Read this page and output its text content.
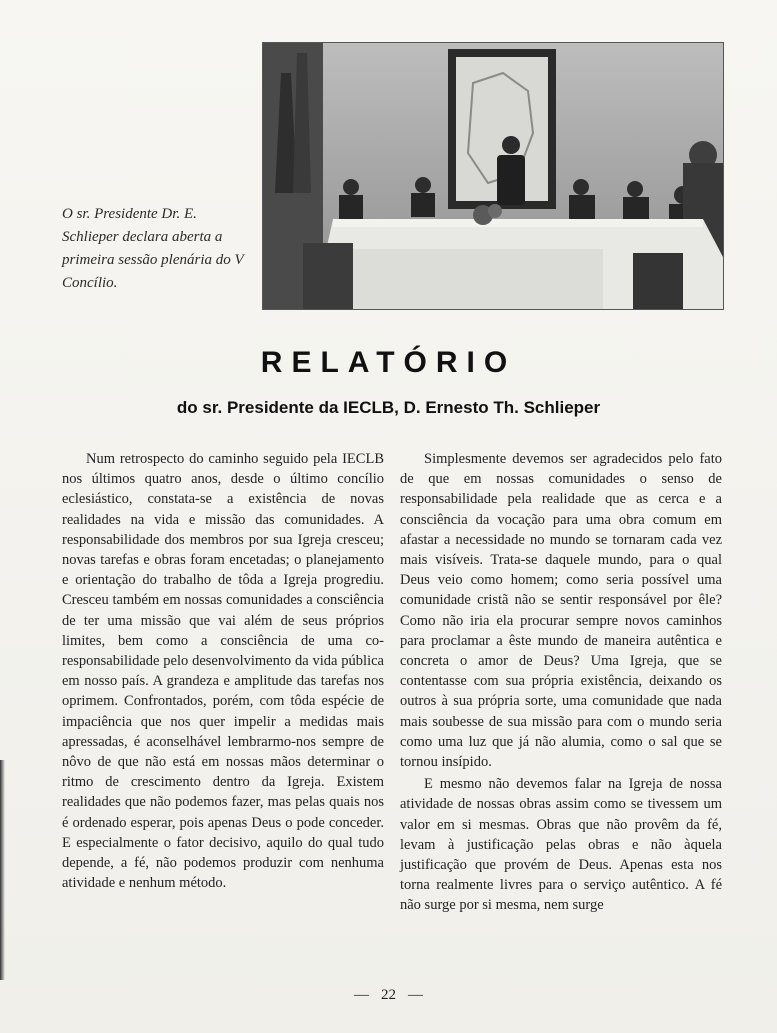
O sr. Presidente Dr. E. Schlieper declara aberta a primeira sessão plenária do V Concílio.
RELATÓRIO
do sr. Presidente da IECLB, D. Ernesto Th. Schlieper

Num retrospecto do caminho seguido pela IECLB nos últimos quatro anos, desde o último concílio eclesiástico, constata-se a existência de novas realidades na vida e missão das comunidades. A responsabilidade dos membros por sua Igreja cresceu; novas tarefas e obras foram encetadas; o planejamento e orientação do trabalho de tôda a Igreja progrediu. Cresceu também em nossas comunidades a consciência de ter uma missão que vai além de seus próprios limites, bem como a consciência de uma co-responsabilidade pelo desenvolvimento da vida pública em nosso país. A grandeza e amplitude das tarefas nos oprimem. Confrontados, porém, com tôda espécie de impaciência que nos quer impelir a medidas mais apressadas, é aconselhável lembrarmo-nos sempre de nôvo de que não está em nossas mãos determinar o ritmo de crescimento dentro da Igreja. Existem realidades que não podemos fazer, mas pelas quais nos é ordenado esperar, pois apenas Deus o pode conceder. E especialmente o fator decisivo, aquilo do qual tudo depende, a fé, não podemos produzir com nenhuma atividade e nenhum método.

Simplesmente devemos ser agradecidos pelo fato de que em nossas comunidades o senso de responsabilidade pela realidade que as cerca e a consciência da vocação para uma obra comum em afastar a necessidade no mundo se tornaram cada vez mais visíveis. Trata-se daquele mundo, para o qual Deus veio como homem; como seria possível uma comunidade cristã não se sentir responsável por êle? Como não iria ela procurar sempre novos caminhos para proclamar a êste mundo de maneira autêntica e concreta o amor de Deus? Uma Igreja, que se contentasse com sua própria existência, deixando os outros à sua própria sorte, uma comunidade que nada mais soubesse de sua missão para com o mundo seria como uma luz que já não alumia, como o sal que se tornou insípido.

E mesmo não devemos falar na Igreja de nossa atividade de nossas obras assim como se tivessem um valor em si mesmas. Obras que não provêm da fé, levam à justificação pelas obras e não àquela justificação que provém de Deus. Apenas esta nos torna realmente livres para o serviço autêntico. A fé não surge por si mesma, nem surge

— 22 —
